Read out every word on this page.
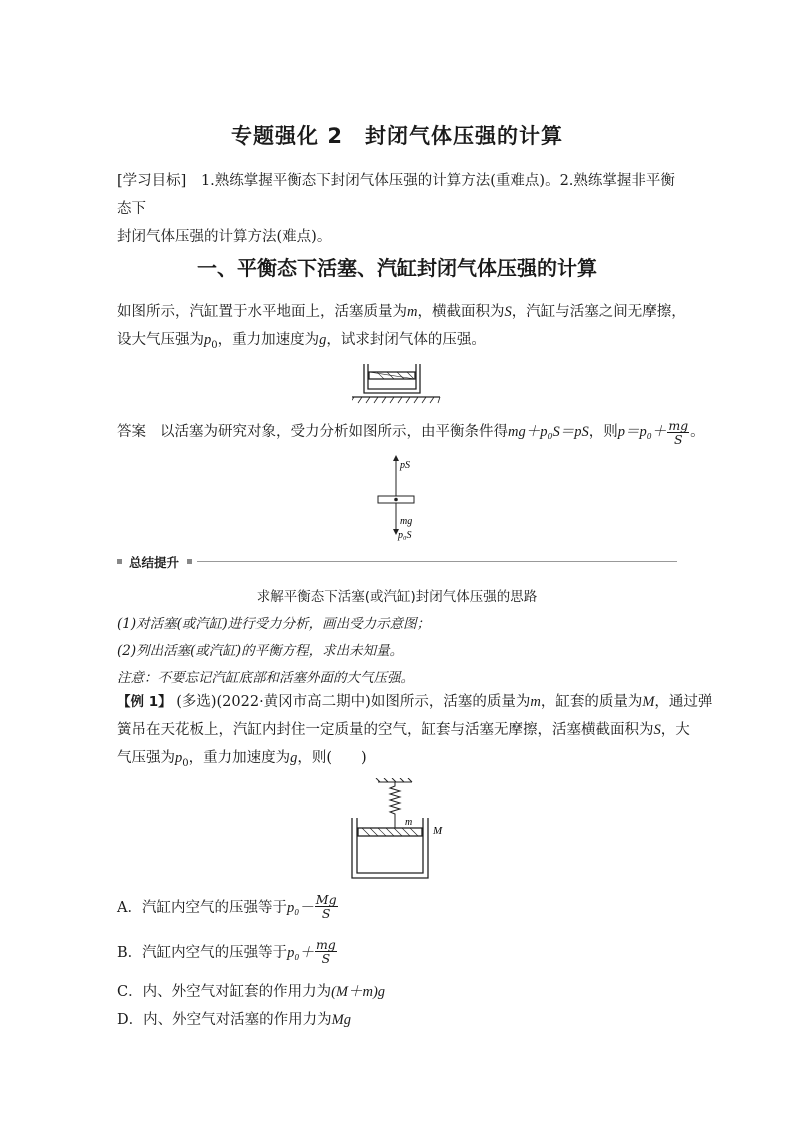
专题强化 2　封闭气体压强的计算
[学习目标] 1.熟练掌握平衡态下封闭气体压强的计算方法(重难点)。2.熟练掌握非平衡态下
封闭气体压强的计算方法(难点)。
一、平衡态下活塞、汽缸封闭气体压强的计算
如图所示，汽缸置于水平地面上，活塞质量为m，横截面积为S，汽缸与活塞之间无摩擦，
设大气压强为$p_0$，重力加速度为g，试求封闭气体的压强。
答案 以活塞为研究对象，受力分析如图所示，由平衡条件得mg＋p₀S＝pS，则$p=p_0+ \frac{mg}{S}$ 。
pS
mg
p₀S
总结提升
求解平衡态下活塞(或汽缸)封闭气体压强的思路
(1)对活塞(或汽缸)进行受力分析，画出受力示意图；
(2)列出活塞(或汽缸)的平衡方程，求出未知量。
注意：不要忘记汽缸底部和活塞外面的大气压强。
【例 1】 (多选)(2022·黄冈市高二期中)如图所示，活塞的质量为m，缸套的质量为M，通过弹
簧吊在天花板上，汽缸内封住一定质量的空气，缸套与活塞无摩擦，活塞横截面积为S，大
气压强为$p_0$，重力加速度为g，则(　　)
m
M
A．汽缸内空气的压强等于$p_0- \frac{Mg}{S}$
B．汽缸内空气的压强等于$p_0+ \frac{mg}{S}$
C．内、外空气对缸套的作用力为(M＋m)g
D．内、外空气对活塞的作用力为Mg
